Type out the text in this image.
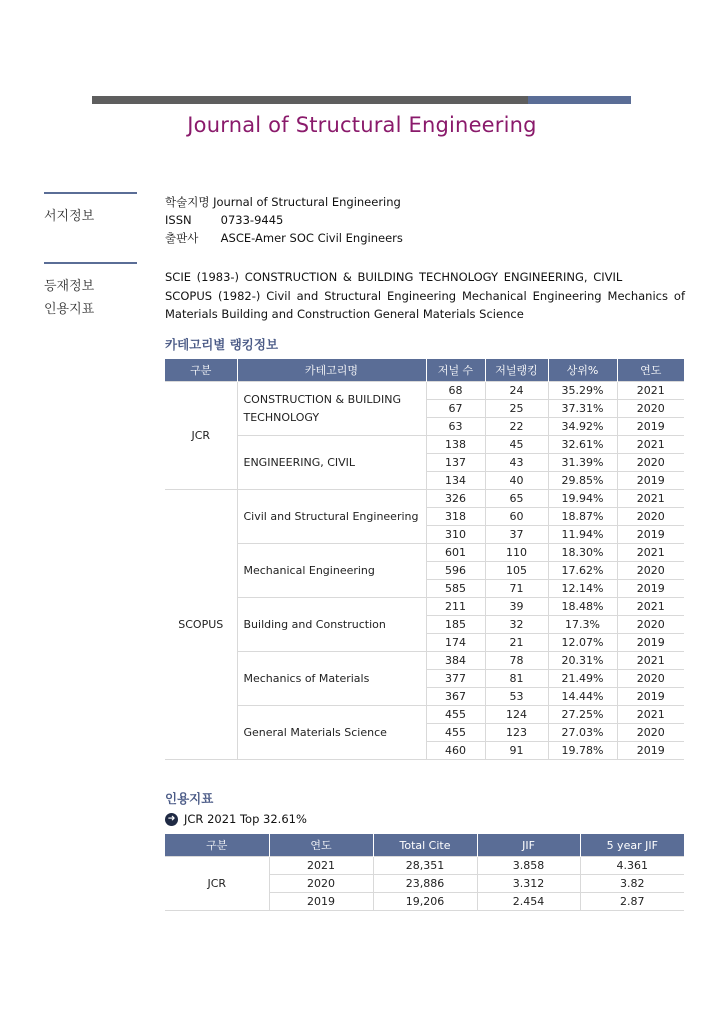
Journal of Structural Engineering
서지정보
학술지명 Journal of Structural Engineering
ISSN	0733-9445
출판사 ASCE-Amer SOC Civil Engineers
등재정보
인용지표
SCIE (1983-) CONSTRUCTION & BUILDING TECHNOLOGY ENGINEERING, CIVIL
SCOPUS (1982-) Civil and Structural Engineering Mechanical Engineering Mechanics of Materials Building and Construction General Materials Science
카테고리별 랭킹정보
구분	카테고리명	저널 수	저널랭킹	상위%	연도
JCR	CONSTRUCTION & BUILDING TECHNOLOGY	68	24	35.29%	2021
		67	25	37.31%	2020
		63	22	34.92%	2019
	ENGINEERING, CIVIL	138	45	32.61%	2021
		137	43	31.39%	2020
		134	40	29.85%	2019
SCOPUS	Civil and Structural Engineering	326	65	19.94%	2021
		318	60	18.87%	2020
		310	37	11.94%	2019
	Mechanical Engineering	601	110	18.30%	2021
		596	105	17.62%	2020
		585	71	12.14%	2019
	Building and Construction	211	39	18.48%	2021
		185	32	17.3%	2020
		174	21	12.07%	2019
	Mechanics of Materials	384	78	20.31%	2021
		377	81	21.49%	2020
		367	53	14.44%	2019
	General Materials Science	455	124	27.25%	2021
		455	123	27.03%	2020
		460	91	19.78%	2019
인용지표
➜ JCR 2021 Top 32.61%
구분	연도	Total Cite	JIF	5 year JIF
JCR	2021	28,351	3.858	4.361
	2020	23,886	3.312	3.82
	2019	19,206	2.454	2.87
